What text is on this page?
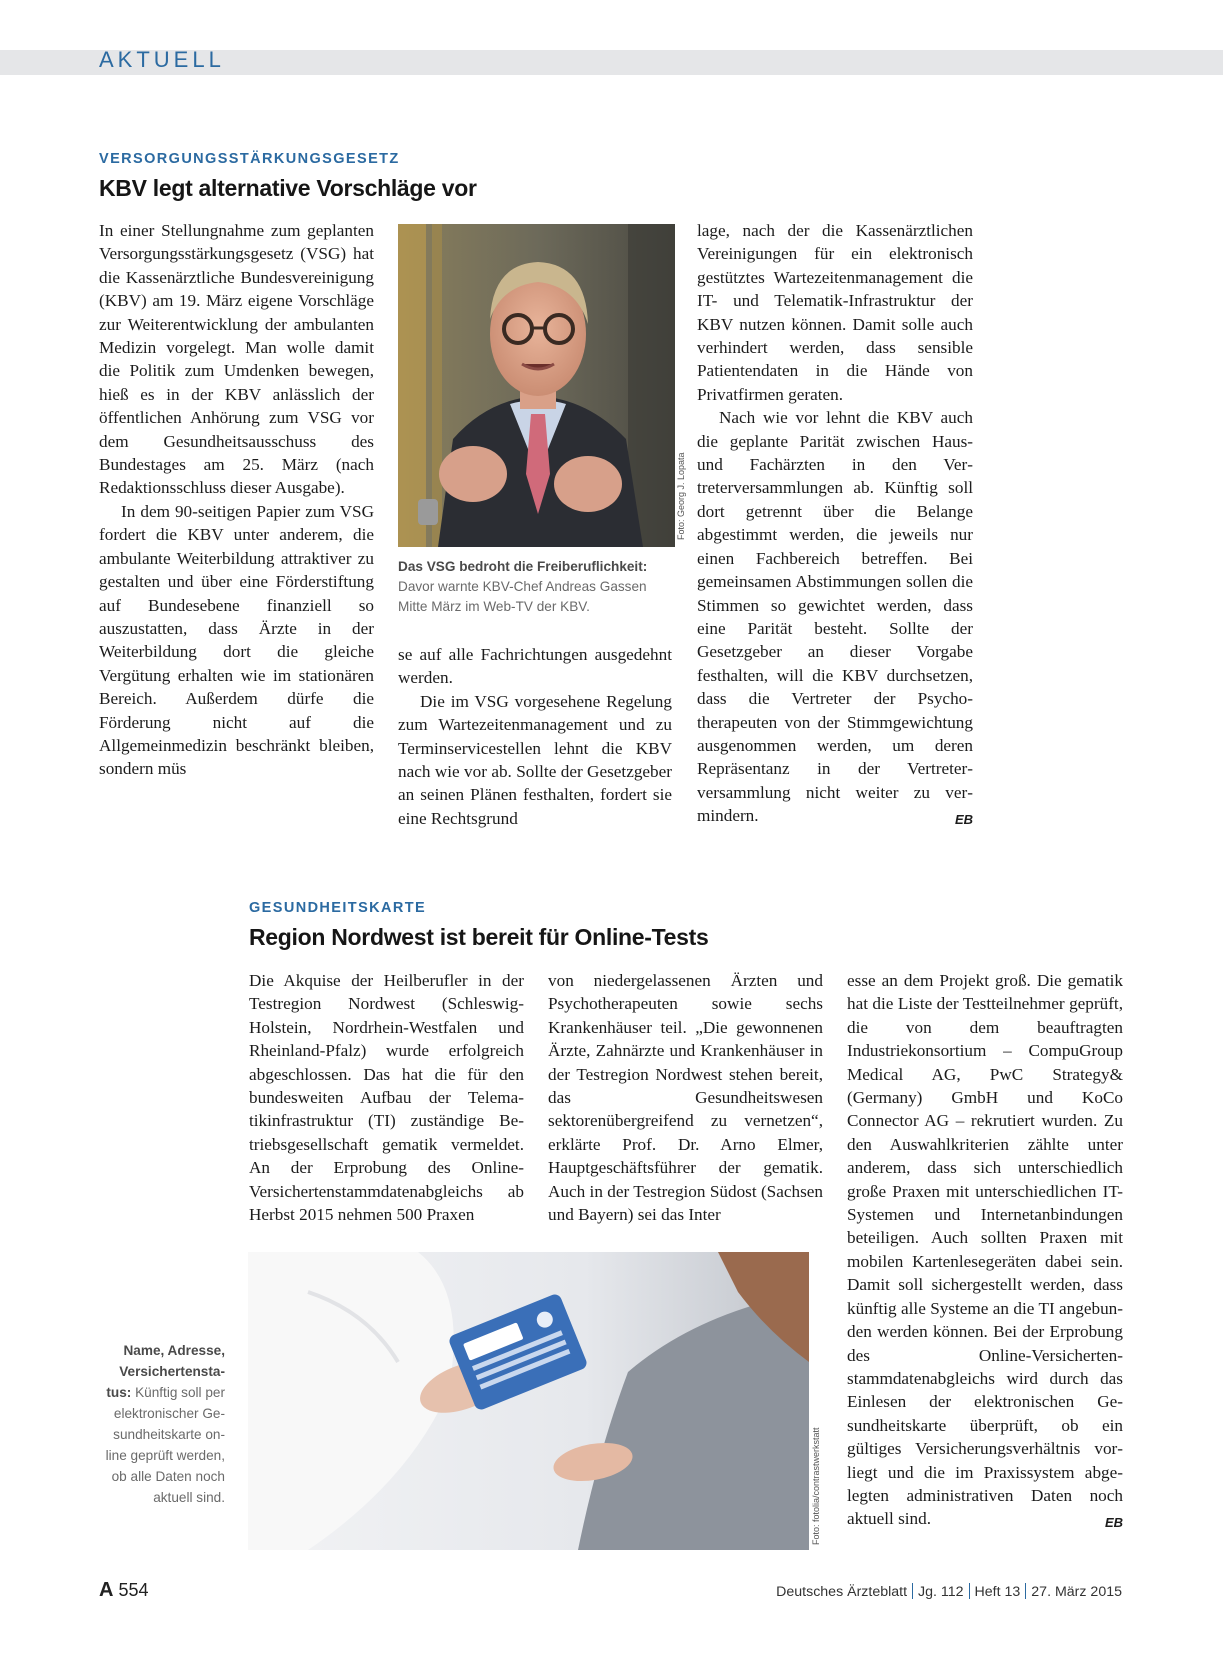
AKTUELL
VERSORGUNGSSTÄRKUNGSGESETZ
KBV legt alternative Vorschläge vor

In einer Stellungnahme zum geplanten Versorgungsstärkungsgesetz (VSG) hat die Kassenärztliche Bundesvereinigung (KBV) am 19. März eigene Vorschläge zur Weiterentwicklung der ambulanten Medizin vorgelegt. Man wolle damit die Politik zum Umdenken bewegen, hieß es in der KBV anlässlich der öffentlichen Anhörung zum VSG vor dem Gesundheitsausschuss des Bundestages am 25. März (nach Redaktionsschluss dieser Ausgabe).

In dem 90-seitigen Papier zum VSG fordert die KBV unter anderem, die ambulante Weiterbildung attraktiver zu gestalten und über eine Förderstiftung auf Bundesebene finanziell so auszustatten, dass Ärzte in der Weiterbildung dort die gleiche Vergütung erhalten wie im stationären Bereich. Außerdem dürfe die Förderung nicht auf die Allgemeinmedizin beschränkt bleiben, sondern müs

Foto: Georg J. Lopata
Das VSG bedroht die Freiberuflichkeit: Davor warnte KBV-Chef Andreas Gassen Mitte März im Web-TV der KBV.

se auf alle Fachrichtungen ausgedehnt werden.

Die im VSG vorgesehene Regelung zum Wartezeitenmanagement und zu Terminservicestellen lehnt die KBV nach wie vor ab. Sollte der Gesetzgeber an seinen Plänen festhalten, fordert sie eine Rechtsgrund

lage, nach der die Kassenärztlichen Vereinigungen für ein elektronisch gestütztes Wartezeitenmanagement die IT- und Telematik-Infrastruktur der KBV nutzen können. Damit solle auch verhindert werden, dass sensible Patientendaten in die Hände von Privatfirmen geraten.

Nach wie vor lehnt die KBV auch die geplante Parität zwischen Haus- und Fachärzten in den Vertreterversammlungen ab. Künftig soll dort getrennt über die Belange abgestimmt werden, die jeweils nur einen Fachbereich betreffen. Bei gemeinsamen Abstimmungen sollen die Stimmen so gewichtet werden, dass eine Parität besteht. Sollte der Gesetzgeber an dieser Vorgabe festhalten, will die KBV durchsetzen, dass die Vertreter der Psychotherapeuten von der Stimmgewichtung ausgenommen werden, um deren Repräsentanz in der Vertreterversammlung nicht weiter zu vermindern.	EB

GESUNDHEITSKARTE
Region Nordwest ist bereit für Online-Tests

Die Akquise der Heilberufler in der Testregion Nordwest (Schleswig-Holstein, Nordrhein-Westfalen und Rheinland-Pfalz) wurde erfolgreich abgeschlossen. Das hat die für den bundesweiten Aufbau der Telematikinfrastruktur (TI) zuständige Betriebsgesellschaft gematik vermeldet. An der Erprobung des Online-Versichertenstammdatenabgleichs ab Herbst 2015 nehmen 500 Praxen

von niedergelassenen Ärzten und Psychotherapeuten sowie sechs Krankenhäuser teil. „Die gewonnenen Ärzte, Zahnärzte und Krankenhäuser in der Testregion Nordwest stehen bereit, das Gesundheitswesen sektorenübergreifend zu vernetzen“, erklärte Prof. Dr. Arno Elmer, Hauptgeschäftsführer der gematik. Auch in der Testregion Südost (Sachsen und Bayern) sei das Inter

esse an dem Projekt groß. Die gematik hat die Liste der Testteilnehmer geprüft, die von dem beauftragten Industriekonsortium – CompuGroup Medical AG, PwC Strategy& (Germany) GmbH und KoCo Connector AG – rekrutiert wurden. Zu den Auswahlkriterien zählte unter anderem, dass sich unterschiedlich große Praxen mit unterschiedlichen IT-Systemen und Internetanbindungen beteiligen. Auch sollten Praxen mit mobilen Kartenlesegeräten dabei sein. Damit soll sichergestellt werden, dass künftig alle Systeme an die TI angebunden werden können. Bei der Erprobung des Online-Versichertenstammdatenabgleichs wird durch das Einlesen der elektronischen Gesundheitskarte überprüft, ob ein gültiges Versicherungsverhältnis vorliegt und die im Praxissystem abgelegten administrativen Daten noch aktuell sind.	EB

Foto: fotolia/contrastwerkstatt
Name, Adresse, Versichertenstatus: Künftig soll per elektronischer Gesundheitskarte online geprüft werden, ob alle Daten noch aktuell sind.
A 554	Deutsches Ärzteblatt Jg. 112 Heft 13 27. März 2015
